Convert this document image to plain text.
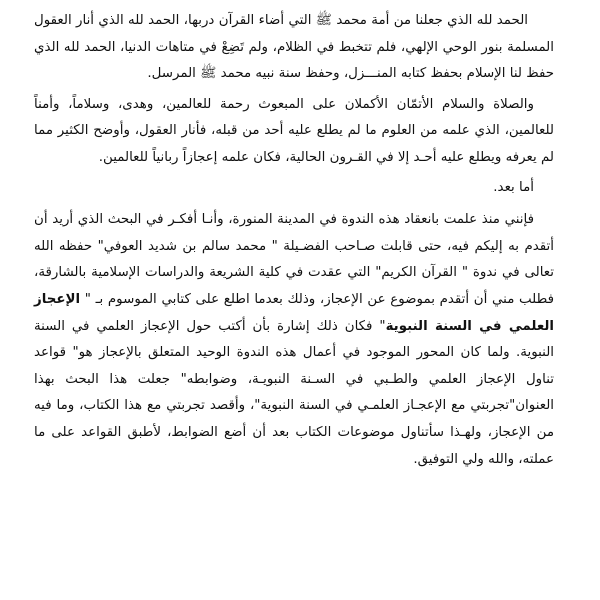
الحمد لله الذي جعلنا من أمة محمد ﷺ التي أضاء القرآن دربها، الحمد لله الذي أنار العقول المسلمة بنور الوحي الإلهي، فلم تتخبط في الظلام، ولم تَضِعْ في متاهات الدنيا، الحمد لله الذي حفظ لنا الإسلام بحفظ كتابه المنـــزل، وحفظ سنة نبيه محمد ﷺ المرسل.

والصلاة والسلام الأتمّان الأكملان على المبعوث رحمة للعالمين، وهدى، وسلاماً، وأمناً للعالمين، الذي علمه من العلوم ما لم يطلع عليه أحد من قبله، فأنار العقول، وأوضح الكثير مما لم يعرفه ويطلع عليه أحـد إلا في القـرون الحالية، فكان علمه إعجازاً ربانياً للعالمين.

أما بعد.

فإنني منذ علمت بانعقاد هذه الندوة في المدينة المنورة، وأنـا أفكـر في البحث الذي أريد أن أتقدم به إليكم فيه، حتى قابلت صـاحب الفضـيلة " محمد سالم بن شديد العوفي" حفظه الله تعالى في ندوة " القرآن الكريم" التي عقدت في كلية الشريعة والدراسات الإسلامية بالشارقة، فطلب مني أن أتقدم بموضوع عن الإعجاز، وذلك بعدما اطلع على كتابي الموسوم بـ " الإعجاز العلمي في السنة النبوية" فكان ذلك إشارة بأن أكتب حول الإعجاز العلمي في السنة النبوية. ولما كان المحور الموجود في أعمال هذه الندوة الوحيد المتعلق بالإعجاز هو" قواعد تناول الإعجاز العلمي والطـبي في السـنة النبويـة، وضوابطه" جعلت هذا البحث بهذا العنوان"تجربتي مع الإعجـاز العلمـي في السنة النبوية"، وأقصد تجربتي مع هذا الكتاب، وما فيه من الإعجاز، ولهـذا سأتناول موضوعات الكتاب بعد أن أضع الضوابط، لأطبق القواعد على ما عملته، والله ولي التوفيق.
